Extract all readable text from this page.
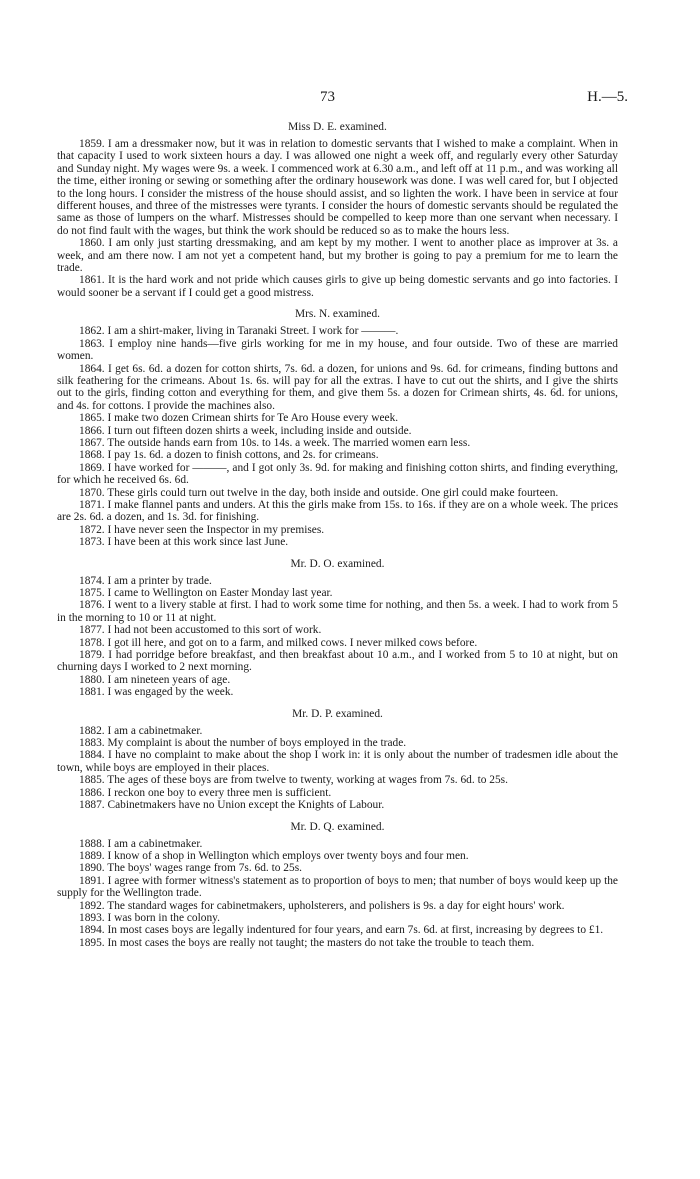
73	H.—5.
Miss D. E. examined.

1859. I am a dressmaker now, but it was in relation to domestic servants that I wished to make a complaint. When in that capacity I used to work sixteen hours a day. I was allowed one night a week off, and regularly every other Saturday and Sunday night. My wages were 9s. a week. I commenced work at 6.30 a.m., and left off at 11 p.m., and was working all the time, either ironing or sewing or something after the ordinary housework was done. I was well cared for, but I objected to the long hours. I consider the mistress of the house should assist, and so lighten the work. I have been in service at four different houses, and three of the mistresses were tyrants. I consider the hours of domestic servants should be regulated the same as those of lumpers on the wharf. Mistresses should be compelled to keep more than one servant when necessary. I do not find fault with the wages, but think the work should be reduced so as to make the hours less.

1860. I am only just starting dressmaking, and am kept by my mother. I went to another place as improver at 3s. a week, and am there now. I am not yet a competent hand, but my brother is going to pay a premium for me to learn the trade.

1861. It is the hard work and not pride which causes girls to give up being domestic servants and go into factories. I would sooner be a servant if I could get a good mistress.

Mrs. N. examined.

1862. I am a shirt-maker, living in Taranaki Street. I work for ———.

1863. I employ nine hands—five girls working for me in my house, and four outside. Two of these are married women.

1864. I get 6s. 6d. a dozen for cotton shirts, 7s. 6d. a dozen, for unions and 9s. 6d. for crimeans, finding buttons and silk feathering for the crimeans. About 1s. 6s. will pay for all the extras. I have to cut out the shirts, and I give the shirts out to the girls, finding cotton and everything for them, and give them 5s. a dozen for Crimean shirts, 4s. 6d. for unions, and 4s. for cottons. I provide the machines also.

1865. I make two dozen Crimean shirts for Te Aro House every week.

1866. I turn out fifteen dozen shirts a week, including inside and outside.

1867. The outside hands earn from 10s. to 14s. a week. The married women earn less.

1868. I pay 1s. 6d. a dozen to finish cottons, and 2s. for crimeans.

1869. I have worked for ———, and I got only 3s. 9d. for making and finishing cotton shirts, and finding everything, for which he received 6s. 6d.

1870. These girls could turn out twelve in the day, both inside and outside. One girl could make fourteen.

1871. I make flannel pants and unders. At this the girls make from 15s. to 16s. if they are on a whole week. The prices are 2s. 6d. a dozen, and 1s. 3d. for finishing.

1872. I have never seen the Inspector in my premises.

1873. I have been at this work since last June.

Mr. D. O. examined.

1874. I am a printer by trade.

1875. I came to Wellington on Easter Monday last year.

1876. I went to a livery stable at first. I had to work some time for nothing, and then 5s. a week. I had to work from 5 in the morning to 10 or 11 at night.

1877. I had not been accustomed to this sort of work.

1878. I got ill here, and got on to a farm, and milked cows. I never milked cows before.

1879. I had porridge before breakfast, and then breakfast about 10 a.m., and I worked from 5 to 10 at night, but on churning days I worked to 2 next morning.

1880. I am nineteen years of age.

1881. I was engaged by the week.

Mr. D. P. examined.

1882. I am a cabinetmaker.

1883. My complaint is about the number of boys employed in the trade.

1884. I have no complaint to make about the shop I work in: it is only about the number of tradesmen idle about the town, while boys are employed in their places.

1885. The ages of these boys are from twelve to twenty, working at wages from 7s. 6d. to 25s.

1886. I reckon one boy to every three men is sufficient.

1887. Cabinetmakers have no Union except the Knights of Labour.

Mr. D. Q. examined.

1888. I am a cabinetmaker.

1889. I know of a shop in Wellington which employs over twenty boys and four men.

1890. The boys' wages range from 7s. 6d. to 25s.

1891. I agree with former witness's statement as to proportion of boys to men; that number of boys would keep up the supply for the Wellington trade.

1892. The standard wages for cabinetmakers, upholsterers, and polishers is 9s. a day for eight hours' work.

1893. I was born in the colony.

1894. In most cases boys are legally indentured for four years, and earn 7s. 6d. at first, increasing by degrees to £1.

1895. In most cases the boys are really not taught; the masters do not take the trouble to teach them.
